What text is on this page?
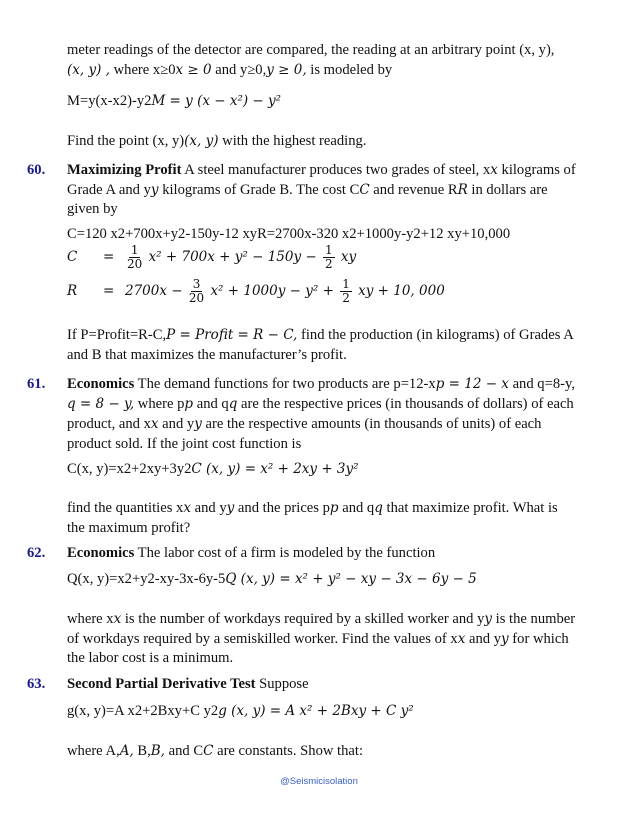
meter readings of the detector are compared, the reading at an arbitrary point (x, y),
(x, y) , where x≥0x ≥ 0 and y≥0,y ≥ 0, is modeled by
M=y(x-x2)-y2M = y (x − x²) − y²
Find the point (x, y)(x, y) with the highest reading.
60. Maximizing Profit A steel manufacturer produces two grades of steel, xx kilograms of
Grade A and yy kilograms of Grade B. The cost CC and revenue RR in dollars are
given by
C=120 x2+700x+y2-150y-12 xyR=2700x-320 x2+1000y-y2+12 xy+10,000
$C = \frac{1}{20} x^2 + 700x + y^2 - 150y - \frac{1}{2}$ xy
$R = 2700x - \frac{3}{20} x^2 + 1000y - y^2 + \frac{1}{2}$ xy + 10, 000
If P=Profit=R-C,P = Profit = R − C, find the production (in kilograms) of Grades A
and B that maximizes the manufacturer’s profit.
61. Economics The demand functions for two products are p=12-xp = 12 − x and q=8-y,
q = 8 − y, where pp and qq are the respective prices (in thousands of dollars) of each
product, and xx and yy are the respective amounts (in thousands of units) of each
product sold. If the joint cost function is
C(x, y)=x2+2xy+3y2C (x, y) = x² + 2xy + 3y²
find the quantities xx and yy and the prices pp and qq that maximize profit. What is
the maximum profit?
62. Economics The labor cost of a firm is modeled by the function
Q(x, y)=x2+y2-xy-3x-6y-5Q (x, y) = x² + y² − xy − 3x − 6y − 5
where xx is the number of workdays required by a skilled worker and yy is the number
of workdays required by a semiskilled worker. Find the values of xx and yy for which
the labor cost is a minimum.
63. Second Partial Derivative Test Suppose
g(x, y)=A x2+2Bxy+C y2g (x, y) = A x² + 2Bxy + C y²
where A,A, B,B, and CC are constants. Show that:
@Seismicisolation
